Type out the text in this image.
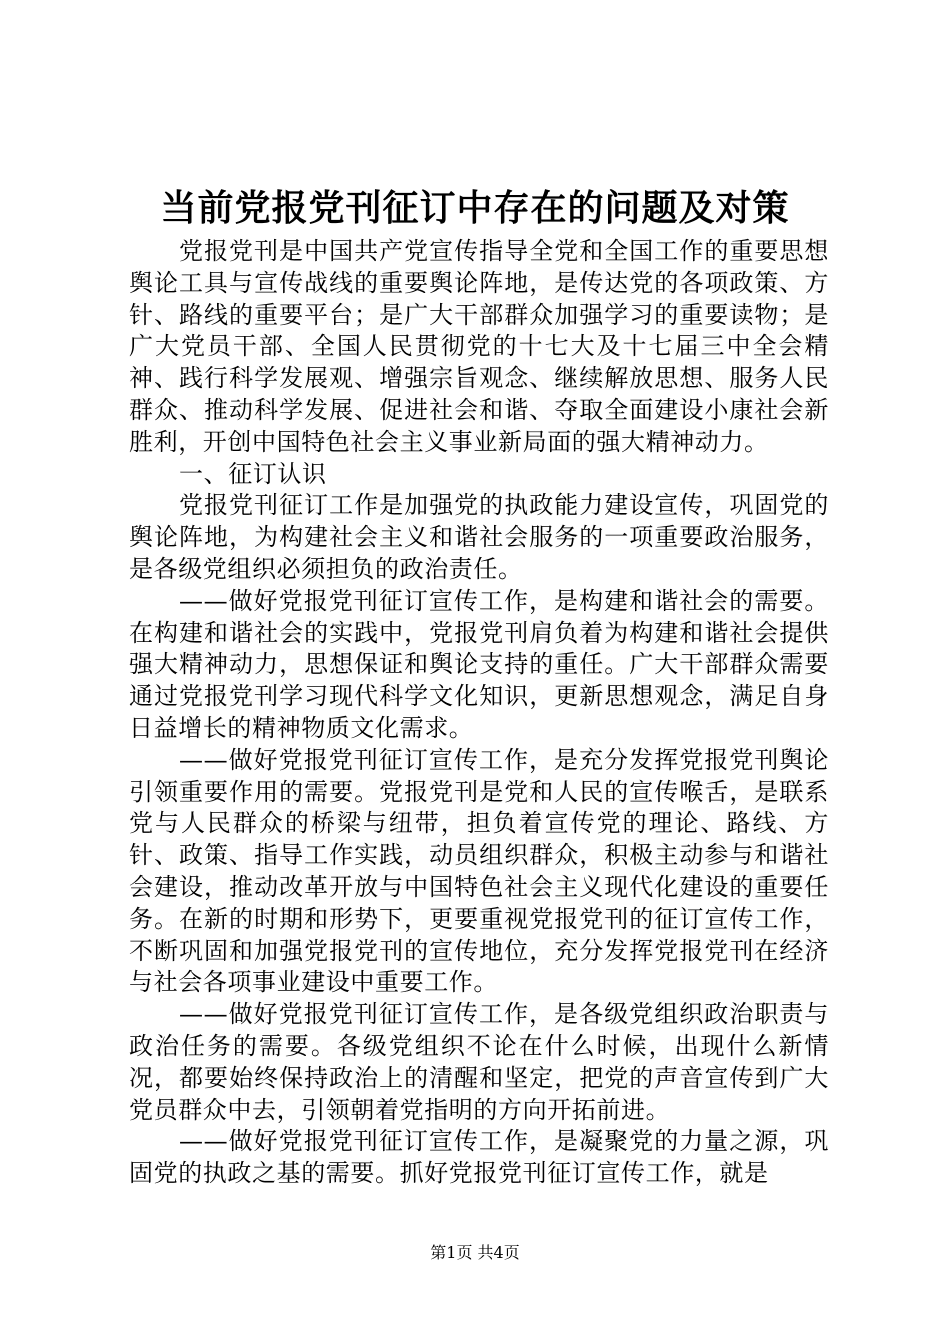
当前党报党刊征订中存在的问题及对策

党报党刊是中国共产党宣传指导全党和全国工作的重要思想舆论工具与宣传战线的重要舆论阵地，是传达党的各项政策、方针、路线的重要平台；是广大干部群众加强学习的重要读物；是广大党员干部、全国人民贯彻党的十七大及十七届三中全会精神、践行科学发展观、增强宗旨观念、继续解放思想、服务人民群众、推动科学发展、促进社会和谐、夺取全面建设小康社会新胜利，开创中国特色社会主义事业新局面的强大精神动力。

一、征订认识

党报党刊征订工作是加强党的执政能力建设宣传，巩固党的舆论阵地，为构建社会主义和谐社会服务的一项重要政治服务，是各级党组织必须担负的政治责任。

——做好党报党刊征订宣传工作，是构建和谐社会的需要。在构建和谐社会的实践中，党报党刊肩负着为构建和谐社会提供强大精神动力，思想保证和舆论支持的重任。广大干部群众需要通过党报党刊学习现代科学文化知识，更新思想观念，满足自身日益增长的精神物质文化需求。

——做好党报党刊征订宣传工作，是充分发挥党报党刊舆论引领重要作用的需要。党报党刊是党和人民的宣传喉舌，是联系党与人民群众的桥梁与纽带，担负着宣传党的理论、路线、方针、政策、指导工作实践，动员组织群众，积极主动参与和谐社会建设，推动改革开放与中国特色社会主义现代化建设的重要任务。在新的时期和形势下，更要重视党报党刊的征订宣传工作，不断巩固和加强党报党刊的宣传地位，充分发挥党报党刊在经济与社会各项事业建设中重要工作。

——做好党报党刊征订宣传工作，是各级党组织政治职责与政治任务的需要。各级党组织不论在什么时候，出现什么新情况，都要始终保持政治上的清醒和坚定，把党的声音宣传到广大党员群众中去，引领朝着党指明的方向开拓前进。

——做好党报党刊征订宣传工作，是凝聚党的力量之源，巩固党的执政之基的需要。抓好党报党刊征订宣传工作，就是

第1页 共4页
